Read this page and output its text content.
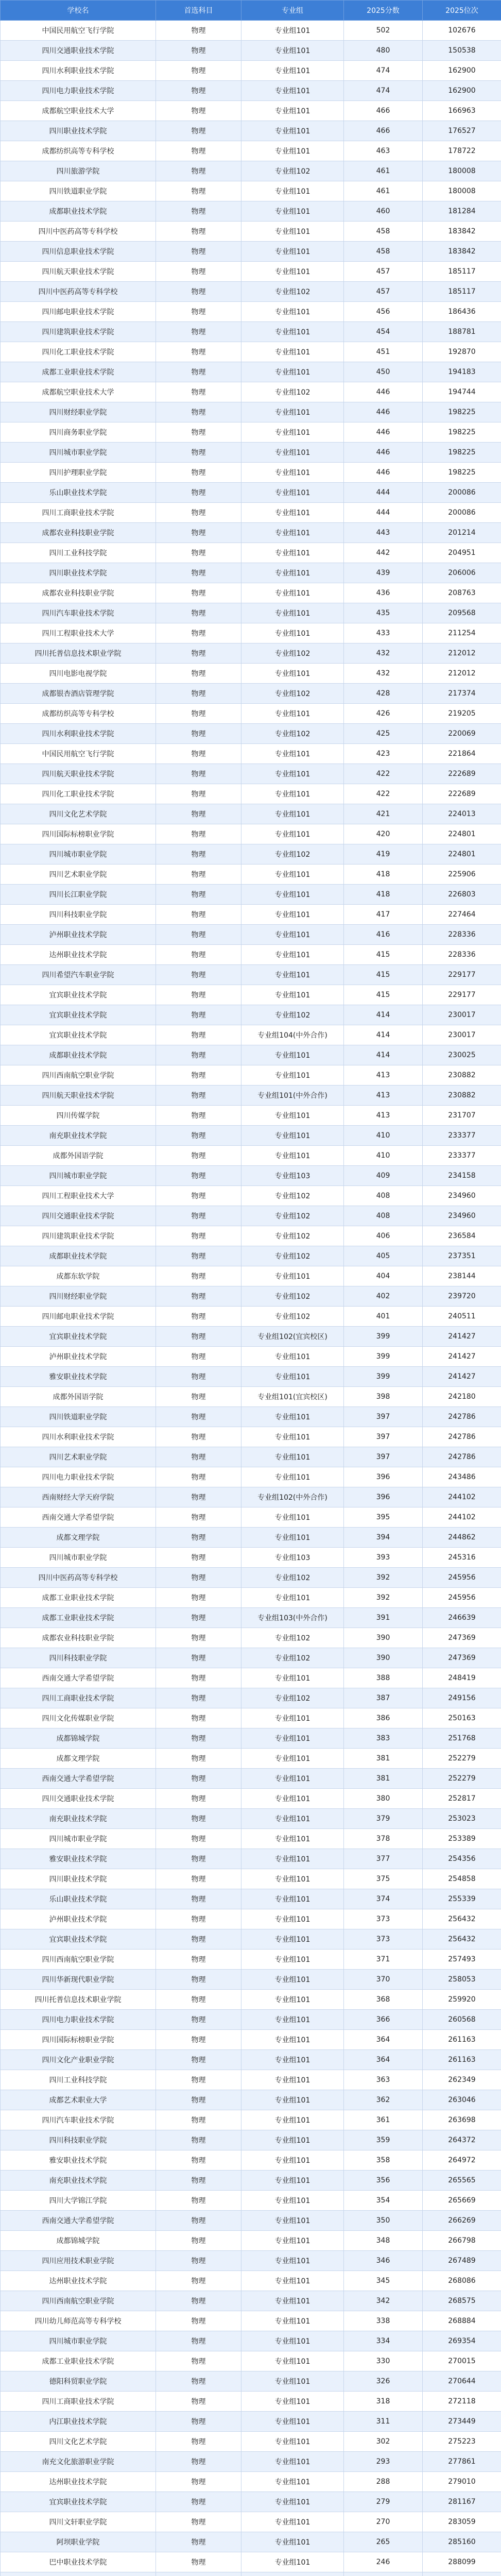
学校名	首选科目	专业组	2025分数	2025位次
中国民用航空飞行学院	物理	专业组101	502	102676
四川交通职业技术学院	物理	专业组101	480	150538
四川水利职业技术学院	物理	专业组101	474	162900
四川电力职业技术学院	物理	专业组101	474	162900
成都航空职业技术大学	物理	专业组101	466	166963
四川职业技术学院	物理	专业组101	466	176527
成都纺织高等专科学校	物理	专业组101	463	178722
四川旅游学院	物理	专业组102	461	180008
四川铁道职业学院	物理	专业组101	461	180008
成都职业技术学院	物理	专业组101	460	181284
四川中医药高等专科学校	物理	专业组101	458	183842
四川信息职业技术学院	物理	专业组101	458	183842
四川航天职业技术学院	物理	专业组101	457	185117
四川中医药高等专科学校	物理	专业组102	457	185117
四川邮电职业技术学院	物理	专业组101	456	186436
四川建筑职业技术学院	物理	专业组101	454	188781
四川化工职业技术学院	物理	专业组101	451	192870
成都工业职业技术学院	物理	专业组101	450	194183
成都航空职业技术大学	物理	专业组102	446	194744
四川财经职业学院	物理	专业组101	446	198225
四川商务职业学院	物理	专业组101	446	198225
四川城市职业学院	物理	专业组101	446	198225
四川护理职业学院	物理	专业组101	446	198225
乐山职业技术学院	物理	专业组101	444	200086
四川工商职业技术学院	物理	专业组101	444	200086
成都农业科技职业学院	物理	专业组101	443	201214
四川工业科技学院	物理	专业组101	442	204951
四川职业技术学院	物理	专业组101	439	206006
成都农业科技职业学院	物理	专业组101	436	208763
四川汽车职业技术学院	物理	专业组101	435	209568
四川工程职业技术大学	物理	专业组101	433	211254
四川托普信息技术职业学院	物理	专业组102	432	212012
四川电影电视学院	物理	专业组101	432	212012
成都银杏酒店管理学院	物理	专业组102	428	217374
成都纺织高等专科学校	物理	专业组101	426	219205
四川水利职业技术学院	物理	专业组102	425	220069
中国民用航空飞行学院	物理	专业组101	423	221864
四川航天职业技术学院	物理	专业组101	422	222689
四川化工职业技术学院	物理	专业组101	422	222689
四川文化艺术学院	物理	专业组101	421	224013
四川国际标榜职业学院	物理	专业组101	420	224801
四川城市职业学院	物理	专业组102	419	224801
四川艺术职业学院	物理	专业组101	418	225906
四川长江职业学院	物理	专业组101	418	226803
四川科技职业学院	物理	专业组101	417	227464
泸州职业技术学院	物理	专业组101	416	228336
达州职业技术学院	物理	专业组101	415	228336
四川希望汽车职业学院	物理	专业组101	415	229177
宜宾职业技术学院	物理	专业组101	415	229177
宜宾职业技术学院	物理	专业组102	414	230017
宜宾职业技术学院	物理	专业组104(中外合作)	414	230017
成都职业技术学院	物理	专业组101	414	230025
四川西南航空职业学院	物理	专业组101	413	230882
四川航天职业技术学院	物理	专业组101(中外合作)	413	230882
四川传媒学院	物理	专业组101	413	231707
南充职业技术学院	物理	专业组101	410	233377
成都外国语学院	物理	专业组101	410	233377
四川城市职业学院	物理	专业组103	409	234158
四川工程职业技术大学	物理	专业组102	408	234960
四川交通职业技术学院	物理	专业组102	408	234960
四川建筑职业技术学院	物理	专业组102	406	236584
成都职业技术学院	物理	专业组102	405	237351
成都东软学院	物理	专业组101	404	238144
四川财经职业学院	物理	专业组102	402	239720
四川邮电职业技术学院	物理	专业组102	401	240511
宜宾职业技术学院	物理	专业组102(宜宾校区)	399	241427
泸州职业技术学院	物理	专业组101	399	241427
雅安职业技术学院	物理	专业组101	399	241427
成都外国语学院	物理	专业组101(宜宾校区)	398	242180
四川铁道职业学院	物理	专业组101	397	242786
四川水利职业技术学院	物理	专业组101	397	242786
四川艺术职业学院	物理	专业组101	397	242786
四川电力职业技术学院	物理	专业组101	396	243486
西南财经大学天府学院	物理	专业组102(中外合作)	396	244102
西南交通大学希望学院	物理	专业组101	395	244102
成都文理学院	物理	专业组101	394	244862
四川城市职业学院	物理	专业组103	393	245316
四川中医药高等专科学校	物理	专业组102	392	245956
成都工业职业技术学院	物理	专业组101	392	245956
成都工业职业技术学院	物理	专业组103(中外合作)	391	246639
成都农业科技职业学院	物理	专业组102	390	247369
四川科技职业学院	物理	专业组102	390	247369
西南交通大学希望学院	物理	专业组101	388	248419
四川工商职业技术学院	物理	专业组102	387	249156
四川文化传媒职业学院	物理	专业组101	386	250163
成都锦城学院	物理	专业组101	383	251768
成都文理学院	物理	专业组101	381	252279
西南交通大学希望学院	物理	专业组101	381	252279
四川交通职业技术学院	物理	专业组101	380	252817
南充职业技术学院	物理	专业组101	379	253023
四川城市职业学院	物理	专业组101	378	253389
雅安职业技术学院	物理	专业组101	377	254356
四川职业技术学院	物理	专业组101	375	254858
乐山职业技术学院	物理	专业组101	374	255339
泸州职业技术学院	物理	专业组101	373	256432
宜宾职业技术学院	物理	专业组101	373	256432
四川西南航空职业学院	物理	专业组101	371	257493
四川华新现代职业学院	物理	专业组101	370	258053
四川托普信息技术职业学院	物理	专业组101	368	259920
四川电力职业技术学院	物理	专业组101	366	260568
四川国际标榜职业学院	物理	专业组101	364	261163
四川文化产业职业学院	物理	专业组101	364	261163
四川工业科技学院	物理	专业组101	363	262349
成都艺术职业大学	物理	专业组101	362	263046
四川汽车职业技术学院	物理	专业组101	361	263698
四川科技职业学院	物理	专业组101	359	264372
雅安职业技术学院	物理	专业组101	358	264972
南充职业技术学院	物理	专业组101	356	265565
四川大学锦江学院	物理	专业组101	354	265669
西南交通大学希望学院	物理	专业组101	350	266269
成都锦城学院	物理	专业组101	348	266798
四川应用技术职业学院	物理	专业组101	346	267489
达州职业技术学院	物理	专业组101	345	268086
四川西南航空职业学院	物理	专业组101	342	268575
四川幼儿师范高等专科学校	物理	专业组101	338	268884
四川城市职业学院	物理	专业组101	334	269354
成都工业职业技术学院	物理	专业组101	330	270015
德阳科贸职业学院	物理	专业组101	326	270644
四川工商职业技术学院	物理	专业组101	318	272118
内江职业技术学院	物理	专业组101	311	273449
四川文化艺术学院	物理	专业组101	302	275223
南充文化旅游职业学院	物理	专业组101	293	277861
达州职业技术学院	物理	专业组101	288	279010
宜宾职业技术学院	物理	专业组101	279	281167
四川文轩职业学院	物理	专业组101	270	283059
阿坝职业学院	物理	专业组101	265	285160
巴中职业技术学院	物理	专业组101	246	288099
